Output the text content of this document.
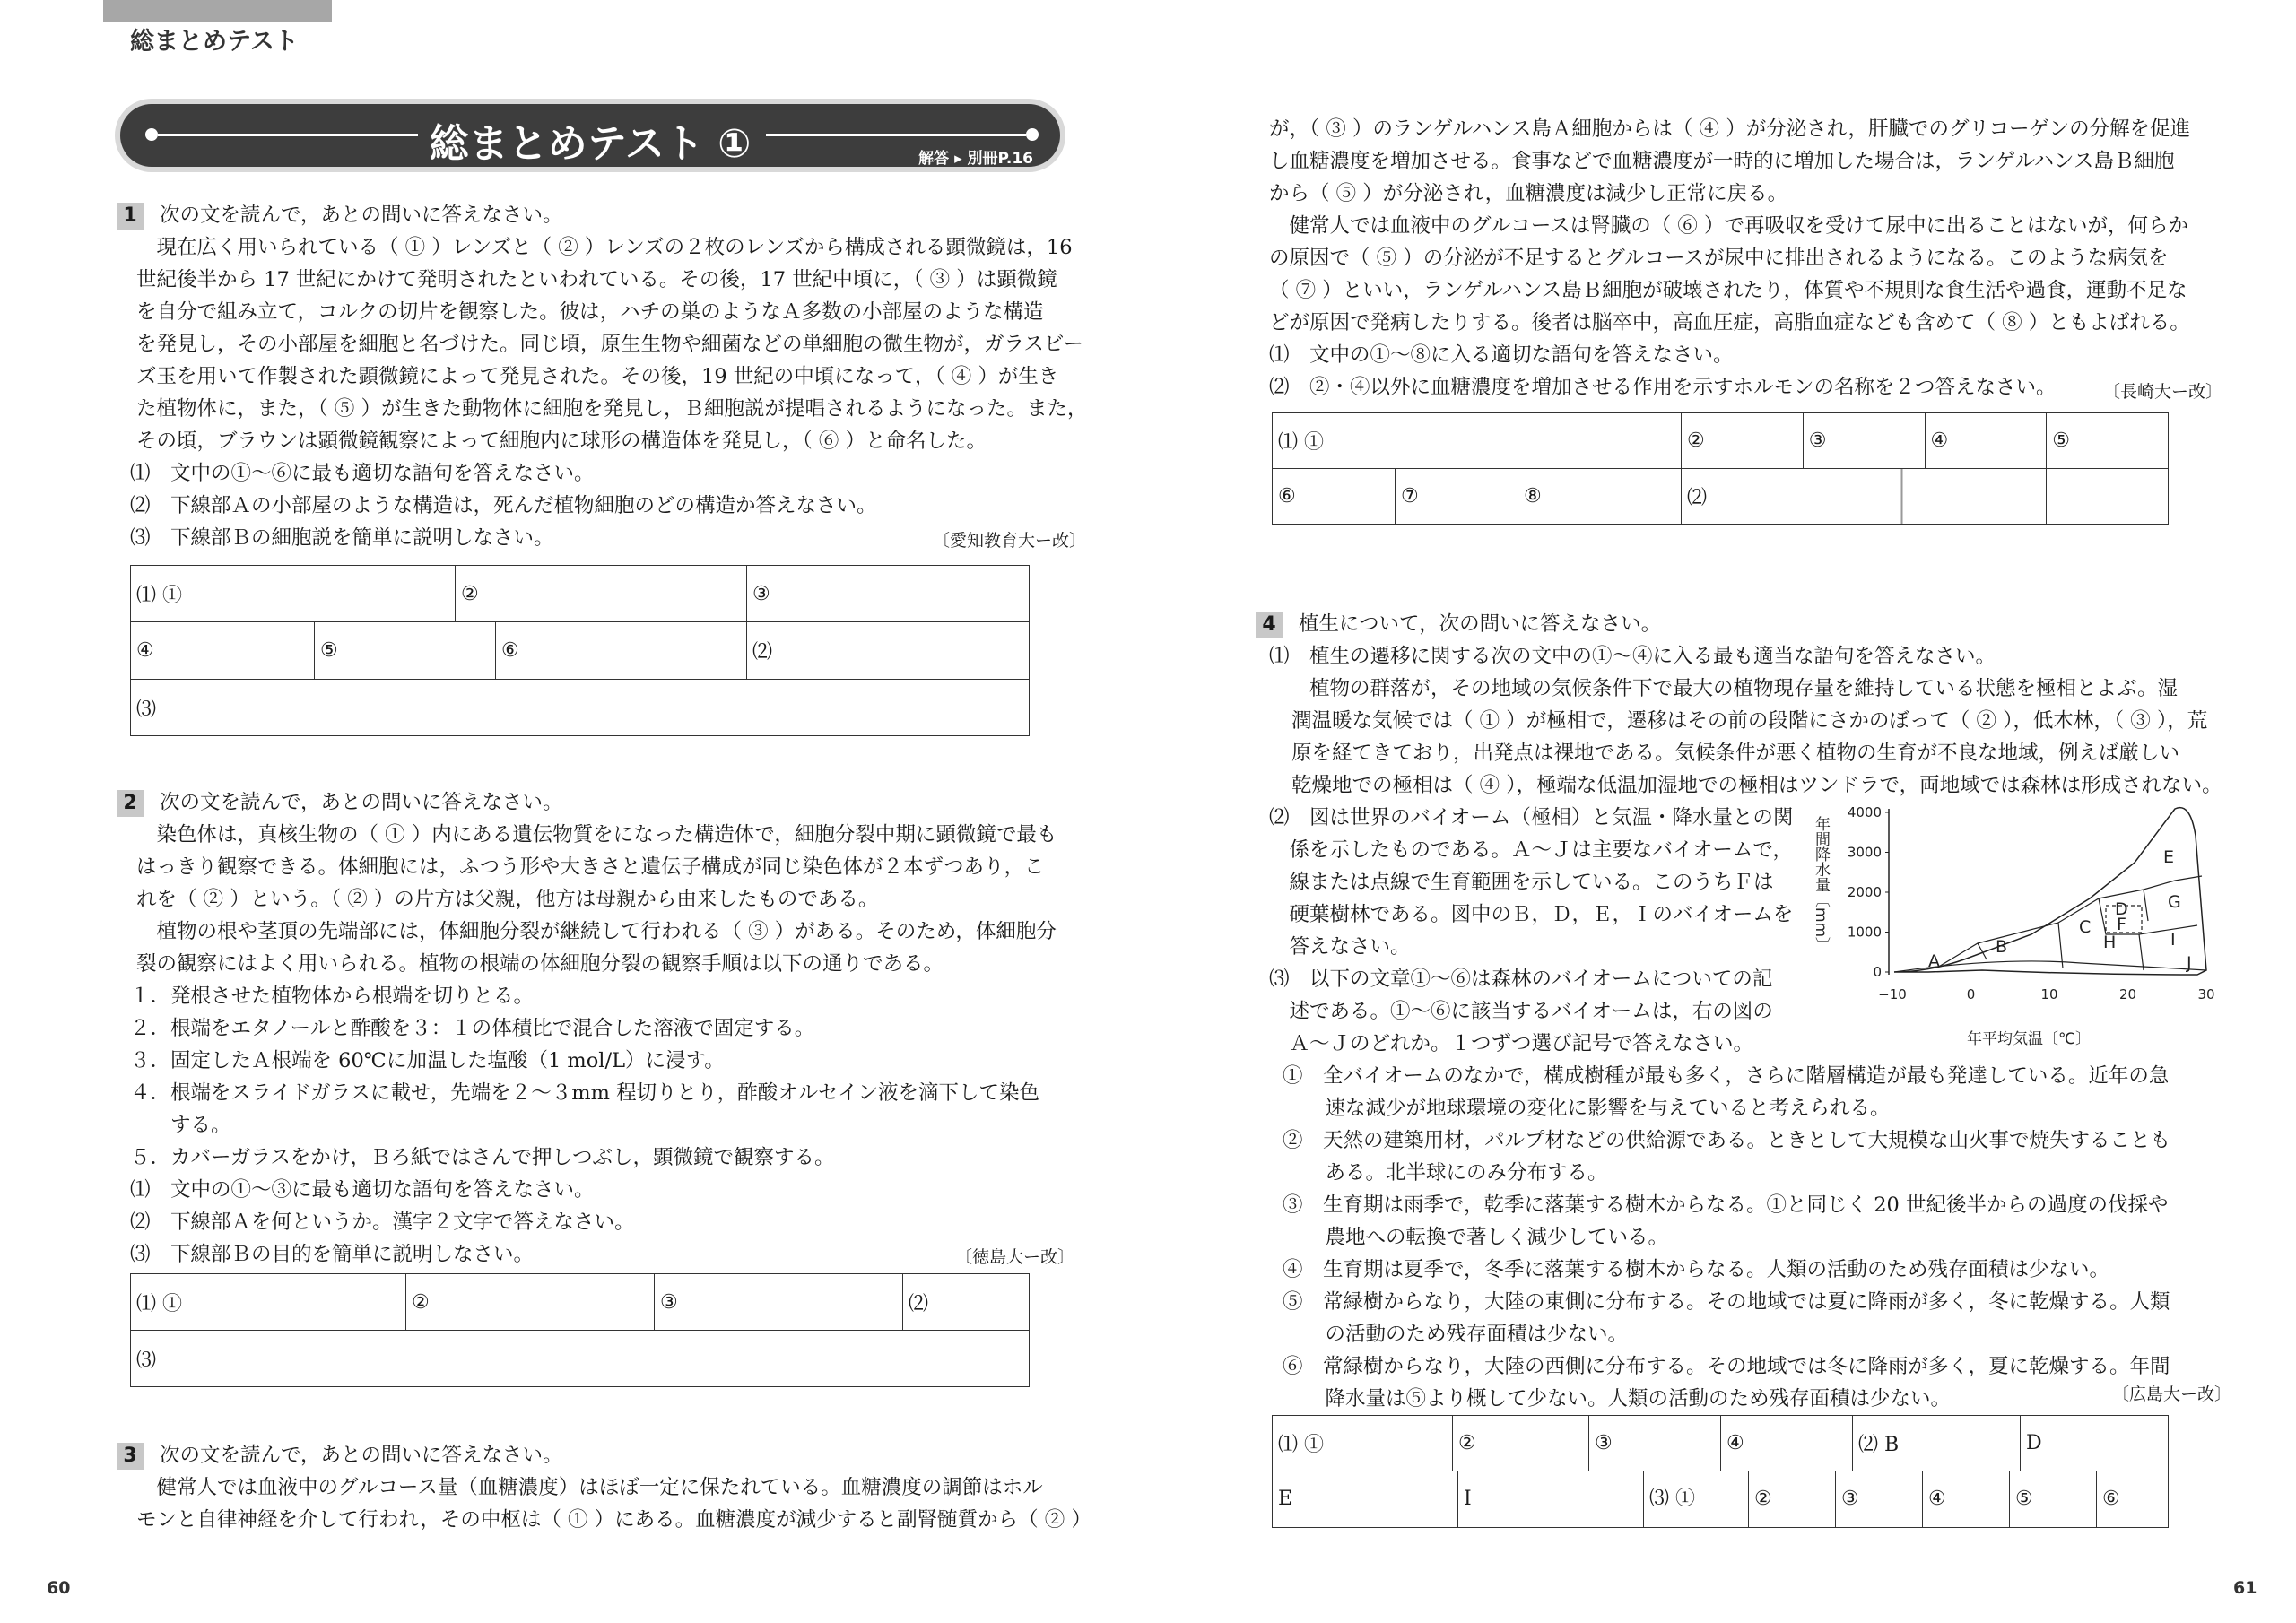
総まとめテスト
総まとめテスト ①	解答 ▸ 別冊P.16
1 次の文を読んで，あとの問いに答えなさい。
　現在広く用いられている（ ① ）レンズと（ ② ）レンズの２枚のレンズから構成される顕微鏡は，16
世紀後半から 17 世紀にかけて発明されたといわれている。その後，17 世紀中頃に，（ ③ ）は顕微鏡
を自分で組み立て，コルクの切片を観察した。彼は，ハチの巣のようなＡ多数の小部屋のような構造
を発見し，その小部屋を細胞と名づけた。同じ頃，原生生物や細菌などの単細胞の微生物が，ガラスビー
ズ玉を用いて作製された顕微鏡によって発見された。その後，19 世紀の中頃になって，（ ④ ）が生き
た植物体に，また，（ ⑤ ）が生きた動物体に細胞を発見し，Ｂ細胞説が提唱されるようになった。また，
その頃，ブラウンは顕微鏡観察によって細胞内に球形の構造体を発見し，（ ⑥ ）と命名した。
⑴　文中の①～⑥に最も適切な語句を答えなさい。
⑵　下線部Ａの小部屋のような構造は，死んだ植物細胞のどの構造か答えなさい。
⑶　下線部Ｂの細胞説を簡単に説明しなさい。	〔愛知教育大ー改〕
⑴ ①	②	③

④ ⑤ ⑥		⑵
⑶		
2 次の文を読んで，あとの問いに答えなさい。
　染色体は，真核生物の（ ① ）内にある遺伝物質をになった構造体で，細胞分裂中期に顕微鏡で最も
はっきり観察できる。体細胞には，ふつう形や大きさと遺伝子構成が同じ染色体が２本ずつあり，こ
れを（ ② ）という。（ ② ）の片方は父親，他方は母親から由来したものである。
　植物の根や茎頂の先端部には，体細胞分裂が継続して行われる（ ③ ）がある。そのため，体細胞分
裂の観察にはよく用いられる。植物の根端の体細胞分裂の観察手順は以下の通りである。
１．発根させた植物体から根端を切りとる。
２．根端をエタノールと酢酸を３：１の体積比で混合した溶液で固定する。
３．固定したＡ根端を 60℃に加温した塩酸（1 mol/L）に浸す。
４．根端をスライドガラスに載せ，先端を２～３mm 程切りとり，酢酸オルセイン液を滴下して染色
　　する。
５．カバーガラスをかけ，Ｂろ紙ではさんで押しつぶし，顕微鏡で観察する。
⑴　文中の①～③に最も適切な語句を答えなさい。
⑵　下線部Ａを何というか。漢字２文字で答えなさい。
⑶　下線部Ｂの目的を簡単に説明しなさい。	〔徳島大ー改〕
⑴ ①	②	③	⑵
⑶
3 次の文を読んで，あとの問いに答えなさい。
　健常人では血液中のグルコース量（血糖濃度）はほぼ一定に保たれている。血糖濃度の調節はホル
モンと自律神経を介して行われ，その中枢は（ ① ）にある。血糖濃度が減少すると副腎髄質から（ ② ）
が，（ ③ ）のランゲルハンス島Ａ細胞からは（ ④ ）が分泌され，肝臓でのグリコーゲンの分解を促進
し血糖濃度を増加させる。食事などで血糖濃度が一時的に増加した場合は，ランゲルハンス島Ｂ細胞
から（ ⑤ ）が分泌され，血糖濃度は減少し正常に戻る。
　健常人では血液中のグルコースは腎臓の（ ⑥ ）で再吸収を受けて尿中に出ることはないが，何らか
の原因で（ ⑤ ）の分泌が不足するとグルコースが尿中に排出されるようになる。このような病気を
（ ⑦ ）といい，ランゲルハンス島Ｂ細胞が破壊されたり，体質や不規則な食生活や過食，運動不足な
どが原因で発病したりする。後者は脳卒中，高血圧症，高脂血症なども含めて（ ⑧ ）ともよばれる。
⑴　文中の①～⑧に入る適切な語句を答えなさい。
⑵　②・④以外に血糖濃度を増加させる作用を示すホルモンの名称を２つ答えなさい。	〔長崎大ー改〕
⑴ ①			②	③	④	⑤
⑥	⑦	⑧	⑵			
4 植生について，次の問いに答えなさい。
⑴　植生の遷移に関する次の文中の①～④に入る最も適当な語句を答えなさい。
　　植物の群落が，その地域の気候条件下で最大の植物現存量を維持している状態を極相とよぶ。湿
潤温暖な気候では（ ① ）が極相で，遷移はその前の段階にさかのぼって（ ② ），低木林，（ ③ ），荒
原を経てきており，出発点は裸地である。気候条件が悪く植物の生育が不良な地域，例えば厳しい
乾燥地での極相は（ ④ ），極端な低温加湿地での極相はツンドラで，両地域では森林は形成されない。
⑵　図は世界のバイオーム（極相）と気温・降水量との関
　係を示したものである。Ａ～Ｊは主要なバイオームで，
　線または点線で生育範囲を示している。このうちＦは
　硬葉樹林である。図中のＢ，Ｄ，Ｅ，Ｉのバイオームを
　答えなさい。
⑶　以下の文章①～⑥は森林のバイオームについての記
　述である。①～⑥に該当するバイオームは，右の図の
　Ａ～Ｊのどれか。１つずつ選び記号で答えなさい。
年間降水量〔mm〕
0
1000
2000
3000
4000
−10	0	10	20	30
A
B
C
D
E
F
G
H	I
J
年平均気温〔℃〕
①　全バイオームのなかで，構成樹種が最も多く，さらに階層構造が最も発達している。近年の急
　速な減少が地球環境の変化に影響を与えていると考えられる。
②　天然の建築用材，パルプ材などの供給源である。ときとして大規模な山火事で焼失することも
　ある。北半球にのみ分布する。
③　生育期は雨季で，乾季に落葉する樹木からなる。①と同じく 20 世紀後半からの過度の伐採や
　農地への転換で著しく減少している。
④　生育期は夏季で，冬季に落葉する樹木からなる。人類の活動のため残存面積は少ない。
⑤　常緑樹からなり，大陸の東側に分布する。その地域では夏に降雨が多く，冬に乾燥する。人類
　の活動のため残存面積は少ない。
⑥　常緑樹からなり，大陸の西側に分布する。その地域では冬に降雨が多く，夏に乾燥する。年間
　降水量は⑤より概して少ない。人類の活動のため残存面積は少ない。	〔広島大ー改〕
⑴ ①	②	③	④	⑵ B	D

E	I	⑶ ①	②	③	④	⑤	⑥
60	61
